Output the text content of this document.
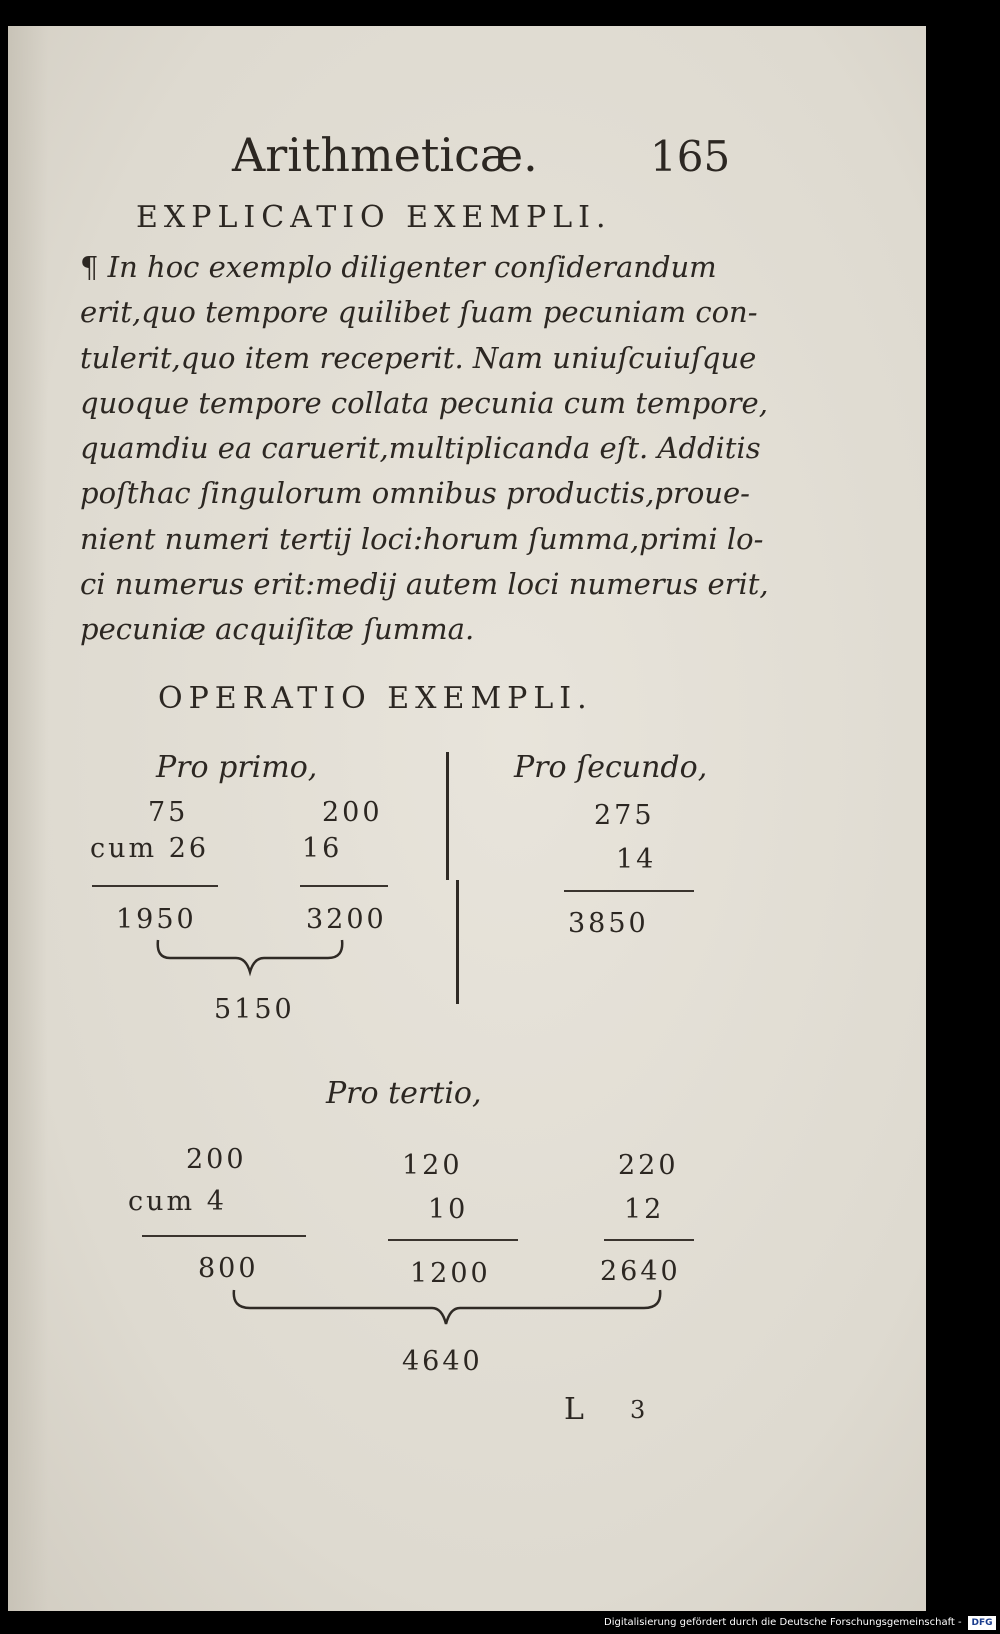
Arithmeticæ.	165
EXPLICATIO EXEMPLI.
¶ In hoc exemplo diligenter conſiderandum
erit,quo tempore quilibet ſuam pecuniam con-
tulerit,quo item receperit. Nam uniuſcuiuſque
quoque tempore collata pecunia cum tempore,
quamdiu ea caruerit,multiplicanda eſt. Additis
poſthac ſingulorum omnibus productis,proue-
nient numeri tertij loci:horum ſumma,primi lo-
ci numerus erit:medij autem loci numerus erit,
pecuniæ acquiſitæ ſumma.
OPERATIO EXEMPLI.
Pro primo,
75
cum 26
1950
200
16
3200
5150
Pro ſecundo,
275
14
3850
Pro tertio,
200
cum 4
800
120
10
1200
220
12
2640
4640
L 3
Digitalisierung gefördert durch die Deutsche Forschungsgemeinschaft -	DFG
